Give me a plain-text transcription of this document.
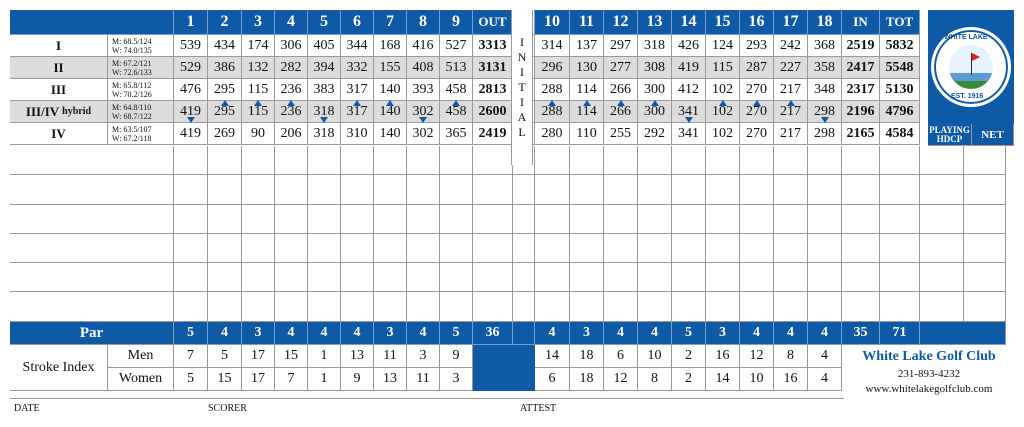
1	2	3	4	5	6	7	8	9	OUT	10	11	12	13	14	15	16	17	18	IN	TOT
I	M: 68.5/124
W: 74.0/135	539 434 174 306 405 344 168 416 527 3313	314 137 297 318 426 124 293 242 368 2519 5832
II	M: 67.2/121
W: 72.6/133	529 386 132 282 394 332 155 408 513 3131	296 130 277 308 419 115 287 227 358 2417 5548
III	M: 65.8/112
W: 70.2/126	476 295 115 236 383 317 140 393 458 2813	288 114 266 300 412 102 270 217 348 2317 5130
III/IV hybrid	M: 64.8/110
W: 68.7/122	419 295 115 236 318 317 140 302 458 2600	288 114 266 300 341 102 270 217 298 2196 4796
IV	M: 63.5/107
W: 67.2/118	419 269	90	206 318 310 140 302 365 2419	280 110 255 292 341 102 270 217 298 2165 4584	PLAYING HDCP	NET
I
N
I
T
I
A
L
WHITE LAKE
EST. 1916
Par	5	4	3	4	4	4	3	4	5	36	4	3	4	4	5	3	4	4	4	35	71
Stroke Index
Men	7	5	17	15	1	13	11	3	9	14	18	6	10	2	16	12	8	4
Women	5	15	17	7	1	9	13	11	3	6	18	12	8	2	14	10	16	4
White Lake Golf Club
231-893-4232
www.whitelakegolfclub.com
DATE	SCORER	ATTEST
